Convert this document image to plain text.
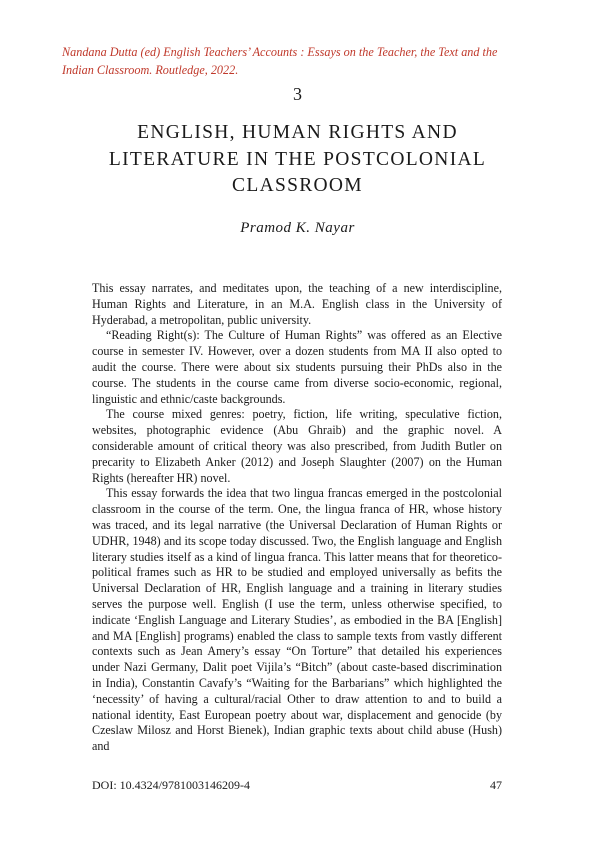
Nandana Dutta (ed) English Teachers’ Accounts : Essays on the Teacher, the Text and the Indian Classroom. Routledge, 2022.
3
ENGLISH, HUMAN RIGHTS AND LITERATURE IN THE POSTCOLONIAL CLASSROOM
Pramod K. Nayar

This essay narrates, and meditates upon, the teaching of a new interdiscipline, Human Rights and Literature, in an M.A. English class in the University of Hyderabad, a metropolitan, public university.

“Reading Right(s): The Culture of Human Rights” was offered as an Elective course in semester IV. However, over a dozen students from MA II also opted to audit the course. There were about six students pursuing their PhDs also in the course. The students in the course came from diverse socio-economic, regional, linguistic and ethnic/caste backgrounds.

The course mixed genres: poetry, fiction, life writing, speculative fiction, websites, photographic evidence (Abu Ghraib) and the graphic novel. A considerable amount of critical theory was also prescribed, from Judith Butler on precarity to Elizabeth Anker (2012) and Joseph Slaughter (2007) on the Human Rights (hereafter HR) novel.

This essay forwards the idea that two lingua francas emerged in the postcolonial classroom in the course of the term. One, the lingua franca of HR, whose history was traced, and its legal narrative (the Universal Declaration of Human Rights or UDHR, 1948) and its scope today discussed. Two, the English language and English literary studies itself as a kind of lingua franca. This latter means that for theoretico-political frames such as HR to be studied and employed universally as befits the Universal Declaration of HR, English language and a training in literary studies serves the purpose well. English (I use the term, unless otherwise specified, to indicate ‘English Language and Literary Studies’, as embodied in the BA [English] and MA [English] programs) enabled the class to sample texts from vastly different contexts such as Jean Amery’s essay “On Torture” that detailed his experiences under Nazi Germany, Dalit poet Vijila’s “Bitch” (about caste-based discrimination in India), Constantin Cavafy’s “Waiting for the Barbarians” which highlighted the ‘necessity’ of having a cultural/racial Other to draw attention to and to build a national identity, East European poetry about war, displacement and genocide (by Czeslaw Milosz and Horst Bienek), Indian graphic texts about child abuse (Hush) and

DOI: 10.4324/9781003146209-4	47
